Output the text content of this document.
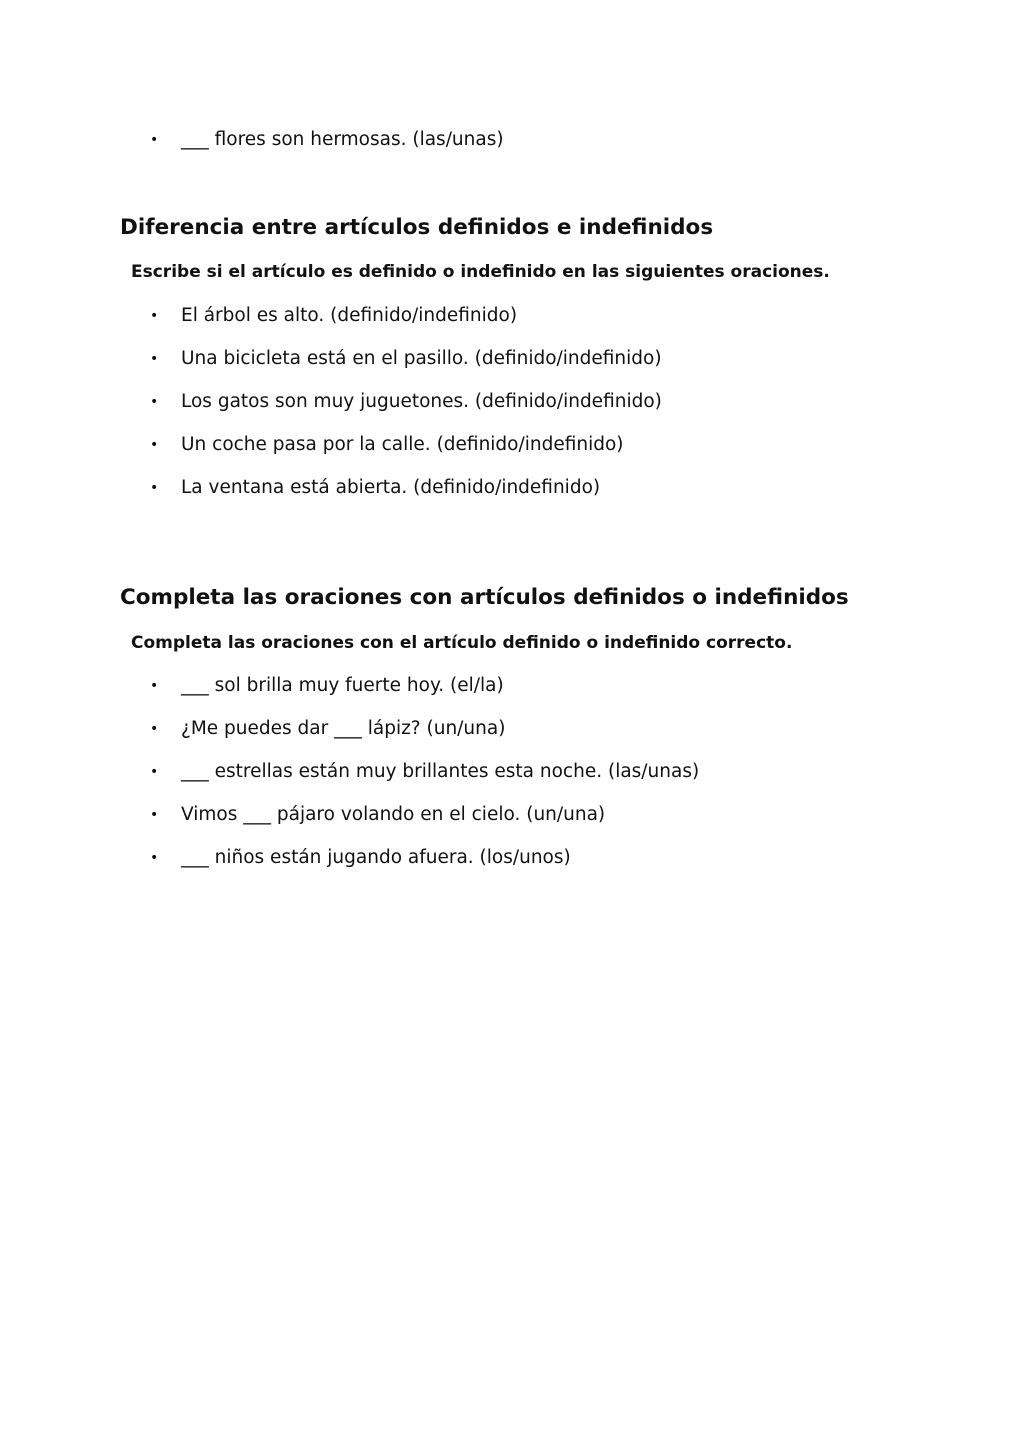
• ___ flores son hermosas. (las/unas)
Diferencia entre artículos definidos e indefinidos

Escribe si el artículo es definido o indefinido en las siguientes oraciones.

• El árbol es alto. (definido/indefinido)
• Una bicicleta está en el pasillo. (definido/indefinido)
• Los gatos son muy juguetones. (definido/indefinido)
• Un coche pasa por la calle. (definido/indefinido)
• La ventana está abierta. (definido/indefinido)
Completa las oraciones con artículos definidos o indefinidos

Completa las oraciones con el artículo definido o indefinido correcto.

• ___ sol brilla muy fuerte hoy. (el/la)
• ¿Me puedes dar ___ lápiz? (un/una)
• ___ estrellas están muy brillantes esta noche. (las/unas)
• Vimos ___ pájaro volando en el cielo. (un/una)
• ___ niños están jugando afuera. (los/unos)
